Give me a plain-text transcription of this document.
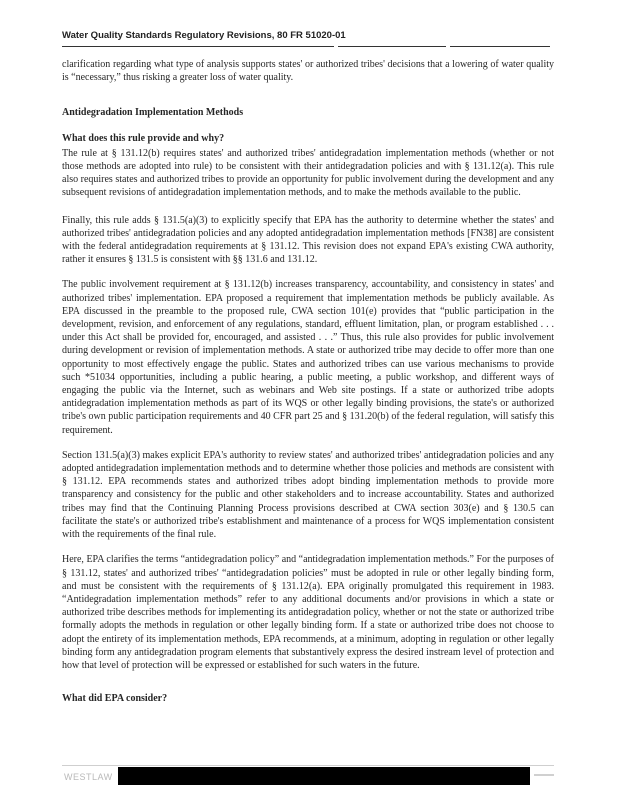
Water Quality Standards Regulatory Revisions, 80 FR 51020-01

clarification regarding what type of analysis supports states' or authorized tribes' decisions that a lowering of water quality is “necessary,” thus risking a greater loss of water quality.

Antidegradation Implementation Methods
What does this rule provide and why?

The rule at § 131.12(b) requires states' and authorized tribes' antidegradation implementation methods (whether or not those methods are adopted into rule) to be consistent with their antidegradation policies and with § 131.12(a). This rule also requires states and authorized tribes to provide an opportunity for public involvement during the development and any subsequent revisions of antidegradation implementation methods, and to make the methods available to the public.

Finally, this rule adds § 131.5(a)(3) to explicitly specify that EPA has the authority to determine whether the states' and authorized tribes' antidegradation policies and any adopted antidegradation implementation methods [FN38] are consistent with the federal antidegradation requirements at § 131.12. This revision does not expand EPA's existing CWA authority, rather it ensures § 131.5 is consistent with §§ 131.6 and 131.12.

The public involvement requirement at § 131.12(b) increases transparency, accountability, and consistency in states' and authorized tribes' implementation. EPA proposed a requirement that implementation methods be publicly available. As EPA discussed in the preamble to the proposed rule, CWA section 101(e) provides that “public participation in the development, revision, and enforcement of any regulations, standard, effluent limitation, plan, or program established . . . under this Act shall be provided for, encouraged, and assisted . . .” Thus, this rule also provides for public involvement during development or revision of implementation methods. A state or authorized tribe may decide to offer more than one opportunity to most effectively engage the public. States and authorized tribes can use various mechanisms to provide such *51034 opportunities, including a public hearing, a public meeting, a public workshop, and different ways of engaging the public via the Internet, such as webinars and Web site postings. If a state or authorized tribe adopts antidegradation implementation methods as part of its WQS or other legally binding provisions, the state's or authorized tribe's own public participation requirements and 40 CFR part 25 and § 131.20(b) of the federal regulation, will satisfy this requirement.

Section 131.5(a)(3) makes explicit EPA's authority to review states' and authorized tribes' antidegradation policies and any adopted antidegradation implementation methods and to determine whether those policies and methods are consistent with § 131.12. EPA recommends states and authorized tribes adopt binding implementation methods to provide more transparency and consistency for the public and other stakeholders and to increase accountability. States and authorized tribes may find that the Continuing Planning Process provisions described at CWA section 303(e) and § 130.5 can facilitate the state's or authorized tribe's establishment and maintenance of a process for WQS implementation consistent with the requirements of the final rule.

Here, EPA clarifies the terms “antidegradation policy” and “antidegradation implementation methods.” For the purposes of § 131.12, states' and authorized tribes' “antidegradation policies” must be adopted in rule or other legally binding form, and must be consistent with the requirements of § 131.12(a). EPA originally promulgated this requirement in 1983. “Antidegradation implementation methods” refer to any additional documents and/or provisions in which a state or authorized tribe describes methods for implementing its antidegradation policy, whether or not the state or authorized tribe formally adopts the methods in regulation or other legally binding form. If a state or authorized tribe does not choose to adopt the entirety of its implementation methods, EPA recommends, at a minimum, adopting in regulation or other legally binding form any antidegradation program elements that substantively express the desired instream level of protection and how that level of protection will be expressed or established for such waters in the future.

What did EPA consider?
WESTLAW
